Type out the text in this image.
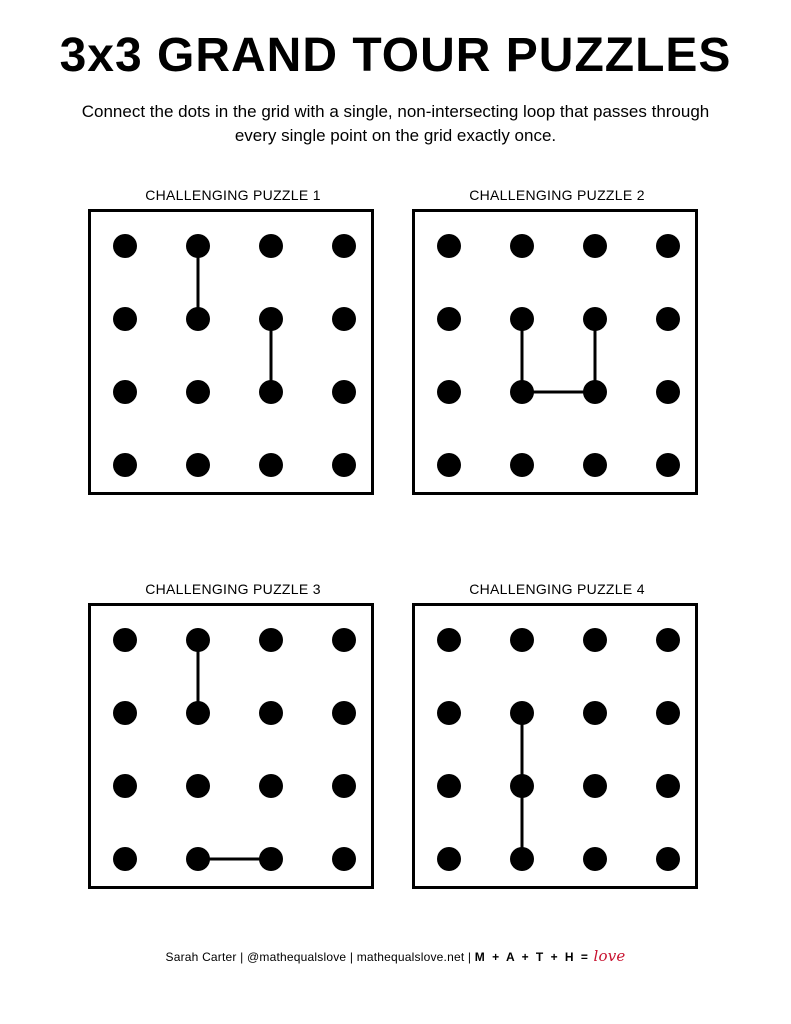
3x3 GRAND TOUR PUZZLES
Connect the dots in the grid with a single, non-intersecting loop that passes through every single point on the grid exactly once.
CHALLENGING PUZZLE 1	CHALLENGING PUZZLE 2
CHALLENGING PUZZLE 3	CHALLENGING PUZZLE 4
Sarah Carter | @mathequalslove | mathequalslove.net | M + A + T + H = love
